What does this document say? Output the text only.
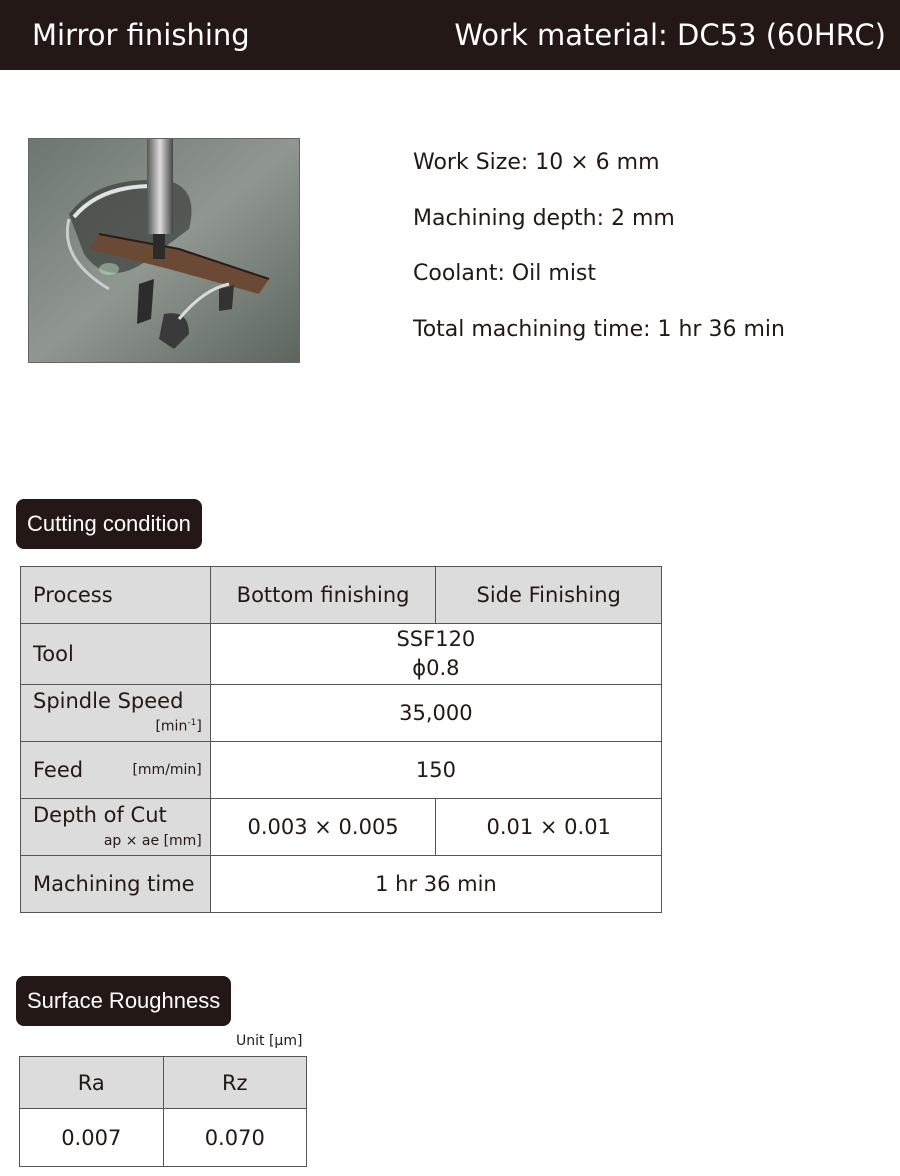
Mirror finishing	Work material: DC53 (60HRC)
Work Size: 10 × 6 mm
Machining depth: 2 mm
Coolant: Oil mist
Total machining time: 1 hr 36 min
Cutting condition
Process	Bottom finishing	Side Finishing
Tool	SSF120
ϕ0.8	

Spindle Speed
$[\min^{-1}]$	35,000	
Feed [mm/min]	150	
Depth of Cut
ap × ae [mm]	0.003 × 0.005	0.01 × 0.01
Machining time	1 hr 36 min	
Surface Roughness
Unit [μm]
Ra	Rz
0.007	0.070
